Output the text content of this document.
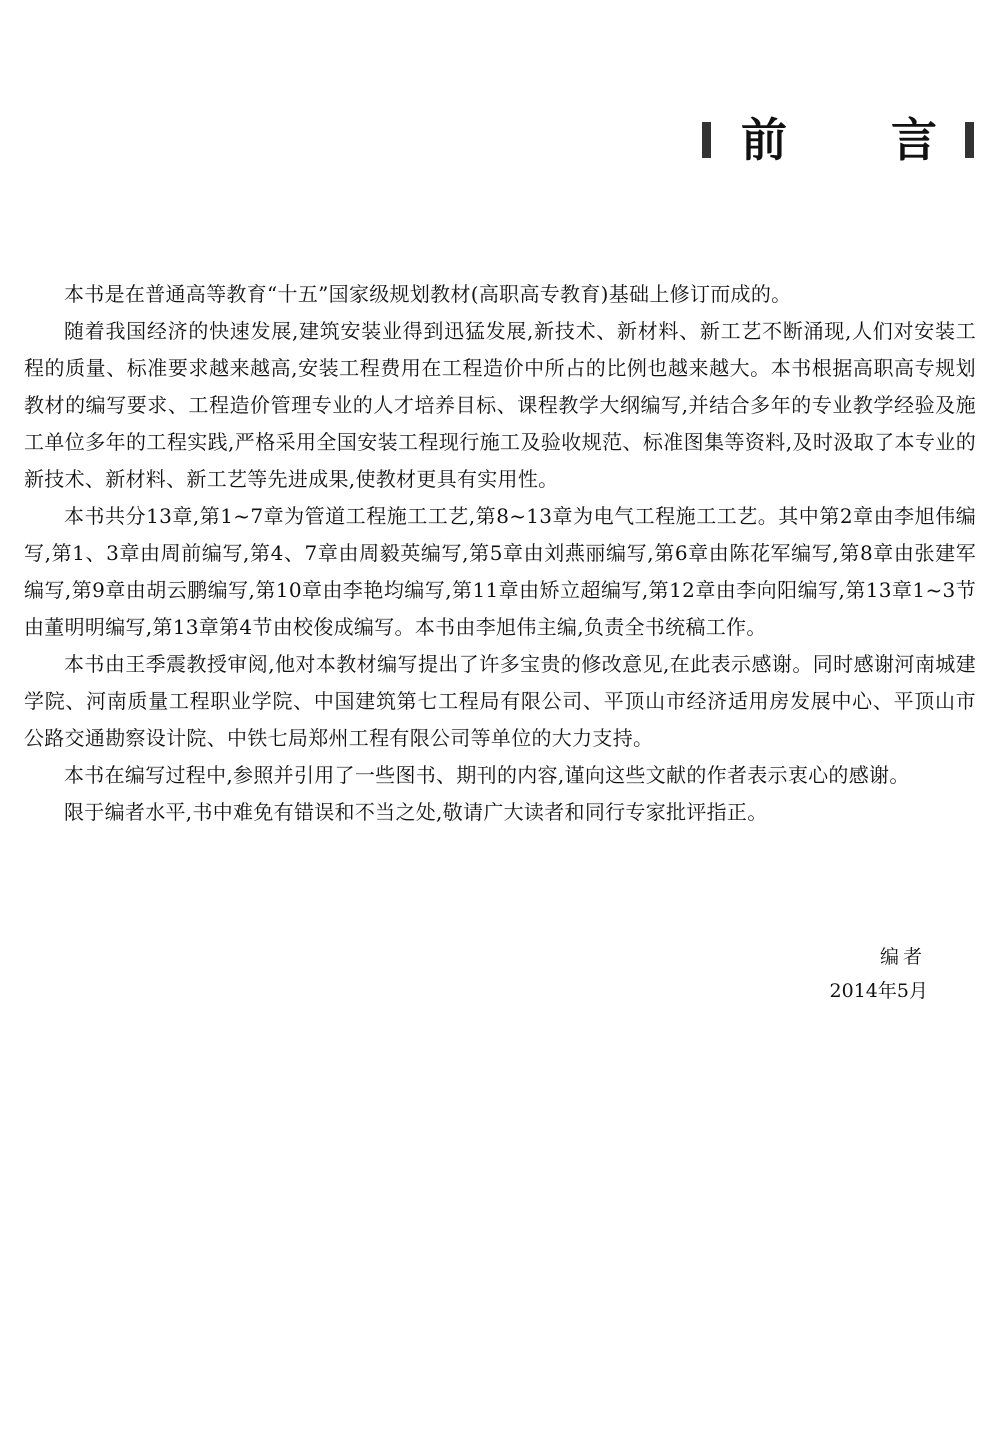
前 言

本书是在普通高等教育“十五”国家级规划教材(高职高专教育)基础上修订而成的。

随着我国经济的快速发展,建筑安装业得到迅猛发展,新技术、新材料、新工艺不断涌现,人们对安装工程的质量、标准要求越来越高,安装工程费用在工程造价中所占的比例也越来越大。本书根据高职高专规划教材的编写要求、工程造价管理专业的人才培养目标、课程教学大纲编写,并结合多年的专业教学经验及施工单位多年的工程实践,严格采用全国安装工程现行施工及验收规范、标准图集等资料,及时汲取了本专业的新技术、新材料、新工艺等先进成果,使教材更具有实用性。

本书共分13章,第1~7章为管道工程施工工艺,第8~13章为电气工程施工工艺。其中第2章由李旭伟编写,第1、3章由周前编写,第4、7章由周毅英编写,第5章由刘燕丽编写,第6章由陈花军编写,第8章由张建军编写,第9章由胡云鹏编写,第10章由李艳均编写,第11章由矫立超编写,第12章由李向阳编写,第13章1~3节由董明明编写,第13章第4节由校俊成编写。本书由李旭伟主编,负责全书统稿工作。

本书由王季震教授审阅,他对本教材编写提出了许多宝贵的修改意见,在此表示感谢。同时感谢河南城建学院、河南质量工程职业学院、中国建筑第七工程局有限公司、平顶山市经济适用房发展中心、平顶山市公路交通勘察设计院、中铁七局郑州工程有限公司等单位的大力支持。

本书在编写过程中,参照并引用了一些图书、期刊的内容,谨向这些文献的作者表示衷心的感谢。

限于编者水平,书中难免有错误和不当之处,敬请广大读者和同行专家批评指正。

编者
2014年5月
